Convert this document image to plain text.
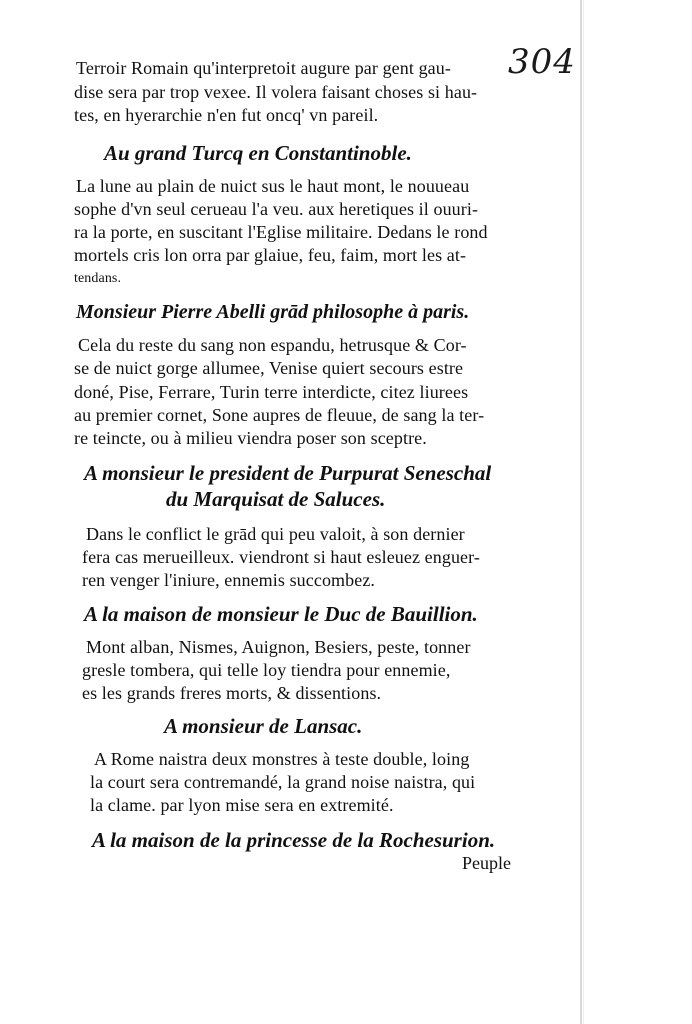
304
Terroir Romain qu'interpretoit augure par gent gau-
dise sera par trop vexee. Il volera faisant choses si hau-
tes, en hyerarchie n'en fut oncq' vn pareil.
Au grand Turcq en Constantinoble.
La lune au plain de nuict sus le haut mont, le nouueau
sophe d'vn seul cerueau l'a veu. aux heretiques il ouuri-
ra la porte, en suscitant l'Eglise militaire. Dedans le rond
mortels cris lon orra par glaiue, feu, faim, mort les at-
tendans.
Monsieur Pierre Abelli grād philosophe à paris.
Cela du reste du sang non espandu, hetrusque & Cor-
se de nuict gorge allumee, Venise quiert secours estre
doné, Pise, Ferrare, Turin terre interdicte, citez liurees
au premier cornet, Sone aupres de fleuue, de sang la ter-
re teincte, ou à milieu viendra poser son sceptre.
A monsieur le president de Purpurat Seneschal
du Marquisat de Saluces.
Dans le conflict le grād qui peu valoit, à son dernier
fera cas merueilleux. viendront si haut esleuez enguer-
ren venger l'iniure, ennemis succombez.
A la maison de monsieur le Duc de Bauillion.
Mont alban, Nismes, Auignon, Besiers, peste, tonner
gresle tombera, qui telle loy tiendra pour ennemie,
es les grands freres morts, & dissentions.
A monsieur de Lansac.
A Rome naistra deux monstres à teste double, loing
la court sera contremandé, la grand noise naistra, qui
la clame. par lyon mise sera en extremité.
A la maison de la princesse de la Rochesurion.
Peuple
